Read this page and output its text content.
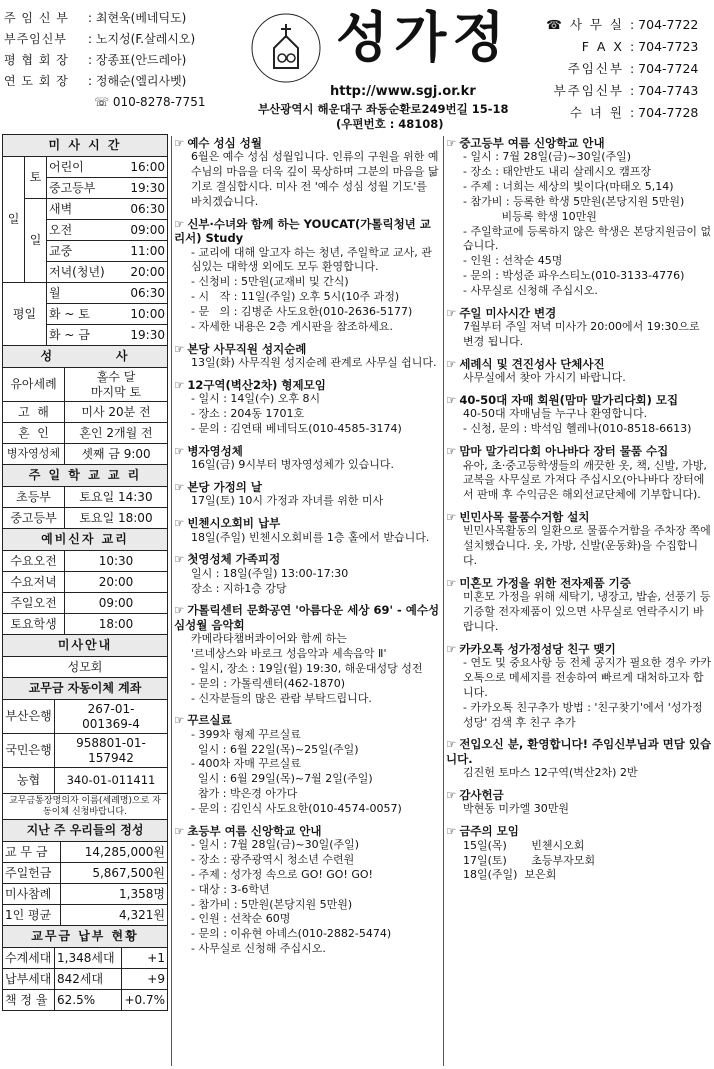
주 임 신 부	: 최현욱(베네딕도)
부주임신부	: 노지성(F.살레시오)
평 협 회 장	: 장종표(안드레아)
연 도 회 장	: 정해순(엘리사벳)
☏ 010-8278-7751
성가정
http://www.sgj.or.kr
부산광역시 해운대구 좌동순환로249번길 15-18
(우편번호 : 48108)
☎ 사 무 실 : 704-7722
F A X : 704-7723
주임신부 : 704-7724
부주임신부 : 704-7743
수 녀 원 : 704-7728
미 사 시 간		
일	토	어린이 16:00

		중고등부 19:30

	일	새벽 06:30

		오전 09:00

		교중 11:00

		저녁(청년) 20:00

평일		월 06:30

		화 ~ 토 10:00

		화 ~ 금 19:30
성          사	
유아세례	홀수 달
마지막 토
고  해	미사 20분 전
혼  인	혼인 2개월 전
병자영성체	셋째 금 9:00
주 일 학 교 교 리	
초등부	토요일 14:30
중고등부	토요일 18:00
예비신자 교리	
수요오전	10:30
수요저녁	20:00
주일오전	09:00
토요학생	18:00
미사안내
성모회
교무금 자동이체 계좌	
부산은행	267-01-
001369-4
국민은행	958801-01-
157942
농협	340-01-011411
교무금통장명의자 이름(세례명)으로 자동이체 신청바랍니다.	
지난 주 우리들의 정성	
교 무 금	14,285,000원
주일헌금	5,867,500원
미사참례	1,358명
1인 평균	4,321원
교무금 납부 현황		
수계세대	1,348세대	+1
납부세대	842세대	+9
책 정 율	62.5%	+0.7%
☞ 예수 성심 성월
6월은 예수 성심 성월입니다. 인류의 구원을 위한 예수님의 마음을 더욱 깊이 묵상하며 그분의 마음을 닮기로 결심합시다. 미사 전 '예수 성심 성월 기도'를 바치겠습니다.
☞ 신부·수녀와 함께 하는 YOUCAT(가톨릭청년 교리서) Study
- 교리에 대해 알고자 하는 청년, 주일학교 교사, 관심있는 대학생 외에도 모두 환영합니다.
- 신청비 : 5만원(교재비 및 간식)
- 시   작 : 11일(주일) 오후 5시(10주 과정)
- 문   의 : 김병준 사도요한(010-2636-5177)
- 자세한 내용은 2층 게시판을 참조하세요.
☞ 본당 사무직원 성지순례
13일(화) 사무직원 성지순례 관계로 사무실 쉽니다.
☞ 12구역(벽산2차) 형제모임
- 일시 : 14일(수) 오후 8시
- 장소 : 204동 1701호
- 문의 : 김연태 베네딕도(010-4585-3174)
☞ 병자영성체
16일(금) 9시부터 병자영성체가 있습니다.
☞ 본당 가정의 날
17일(토) 10시 가정과 자녀를 위한 미사
☞ 빈첸시오회비 납부
18일(주일) 빈첸시오회비를 1층 홀에서 받습니다.
☞ 첫영성체 가족피정
일시 : 18일(주일) 13:00-17:30
장소 : 지하1층 강당
☞ 가톨릭센터 문화공연 '아름다운 세상 69' - 예수성심성월 음악회
카메라타챔버콰이어와 함께 하는
'르네상스와 바로크 성음악과 세속음악 Ⅱ'
- 일시, 장소 : 19일(월) 19:30, 해운대성당 성전
- 문의 : 가톨릭센터(462-1870)
- 신자분들의 많은 관람 부탁드립니다.
☞ 꾸르실료
- 399차 형제 꾸르실료
일시 : 6월 22일(목)~25일(주일)
- 400차 자매 꾸르실료
일시 : 6월 29일(목)~7월 2일(주일)
참가 : 박은경 아가다
- 문의 : 김인식 사도요한(010-4574-0057)
☞ 초등부 여름 신앙학교 안내
- 일시 : 7월 28일(금)~30일(주일)
- 장소 : 광주광역시 청소년 수련원
- 주제 : 성가정 속으로 GO! GO! GO!
- 대상 : 3-6학년
- 참가비 : 5만원(본당지원 5만원)
- 인원 : 선착순 60명
- 문의 : 이유현 아녜스(010-2882-5474)
- 사무실로 신청해 주십시오.
☞ 중고등부 여름 신앙학교 안내
- 일시 : 7월 28일(금)~30일(주일)
- 장소 : 태안반도 내리 살레시오 캠프장
- 주제 : 너희는 세상의 빛이다(마태오 5,14)
- 참가비 : 등록한 학생 5만원(본당지원 5만원)
비등록 학생 10만원
- 주일학교에 등록하지 않은 학생은 본당지원금이 없습니다.
- 인원 : 선착순 45명
- 문의 : 박성준 파우스티노(010-3133-4776)
- 사무실로 신청해 주십시오.
☞ 주일 미사시간 변경
7월부터 주일 저녁 미사가 20:00에서 19:30으로 변경 됩니다.
☞ 세례식 및 견진성사 단체사진
사무실에서 찾아 가시기 바랍니다.
☞ 40-50대 자매 회원(맘마 말가리다회) 모집
40-50대 자매님들 누구나 환영합니다.
- 신청, 문의 : 박석임 헬레나(010-8518-6613)
☞ 맘마 말가리다회 아나바다 장터 물품 수집
유아, 초·중고등학생들의 깨끗한 옷, 책, 신발, 가방, 교복을 사무실로 가져다 주십시오(아나바다 장터에서 판매 후 수익금은 해외선교단체에 기부합니다).
☞ 빈민사목 물품수거함 설치
빈민사목활동의 일환으로 물품수거함을 주차장 쪽에 설치했습니다. 옷, 가방, 신발(운동화)을 수집합니다.
☞ 미혼모 가정을 위한 전자제품 기증
미혼모 가정을 위해 세탁기, 냉장고, 밥솥, 선풍기 등 기증할 전자제품이 있으면 사무실로 연락주시기 바랍니다.
☞ 카카오톡 성가정성당 친구 맺기
- 연도 및 중요사항 등 전체 공지가 필요한 경우 카카오톡으로 메세지를 전송하여 빠르게 대처하고자 합니다.
- 카카오톡 친구추가 방법 : '친구찾기'에서 '성가정성당' 검색 후 친구 추가
☞ 전입오신 분, 환영합니다! 주임신부님과 면담 있습니다.
김진헌 토마스 12구역(벽산2차) 2반
☞ 감사헌금
박현동 미카엘 30만원
☞ 금주의 모임
15일(목)       빈첸시오회
17일(토)       초등부자모회
18일(주일)  보은회
